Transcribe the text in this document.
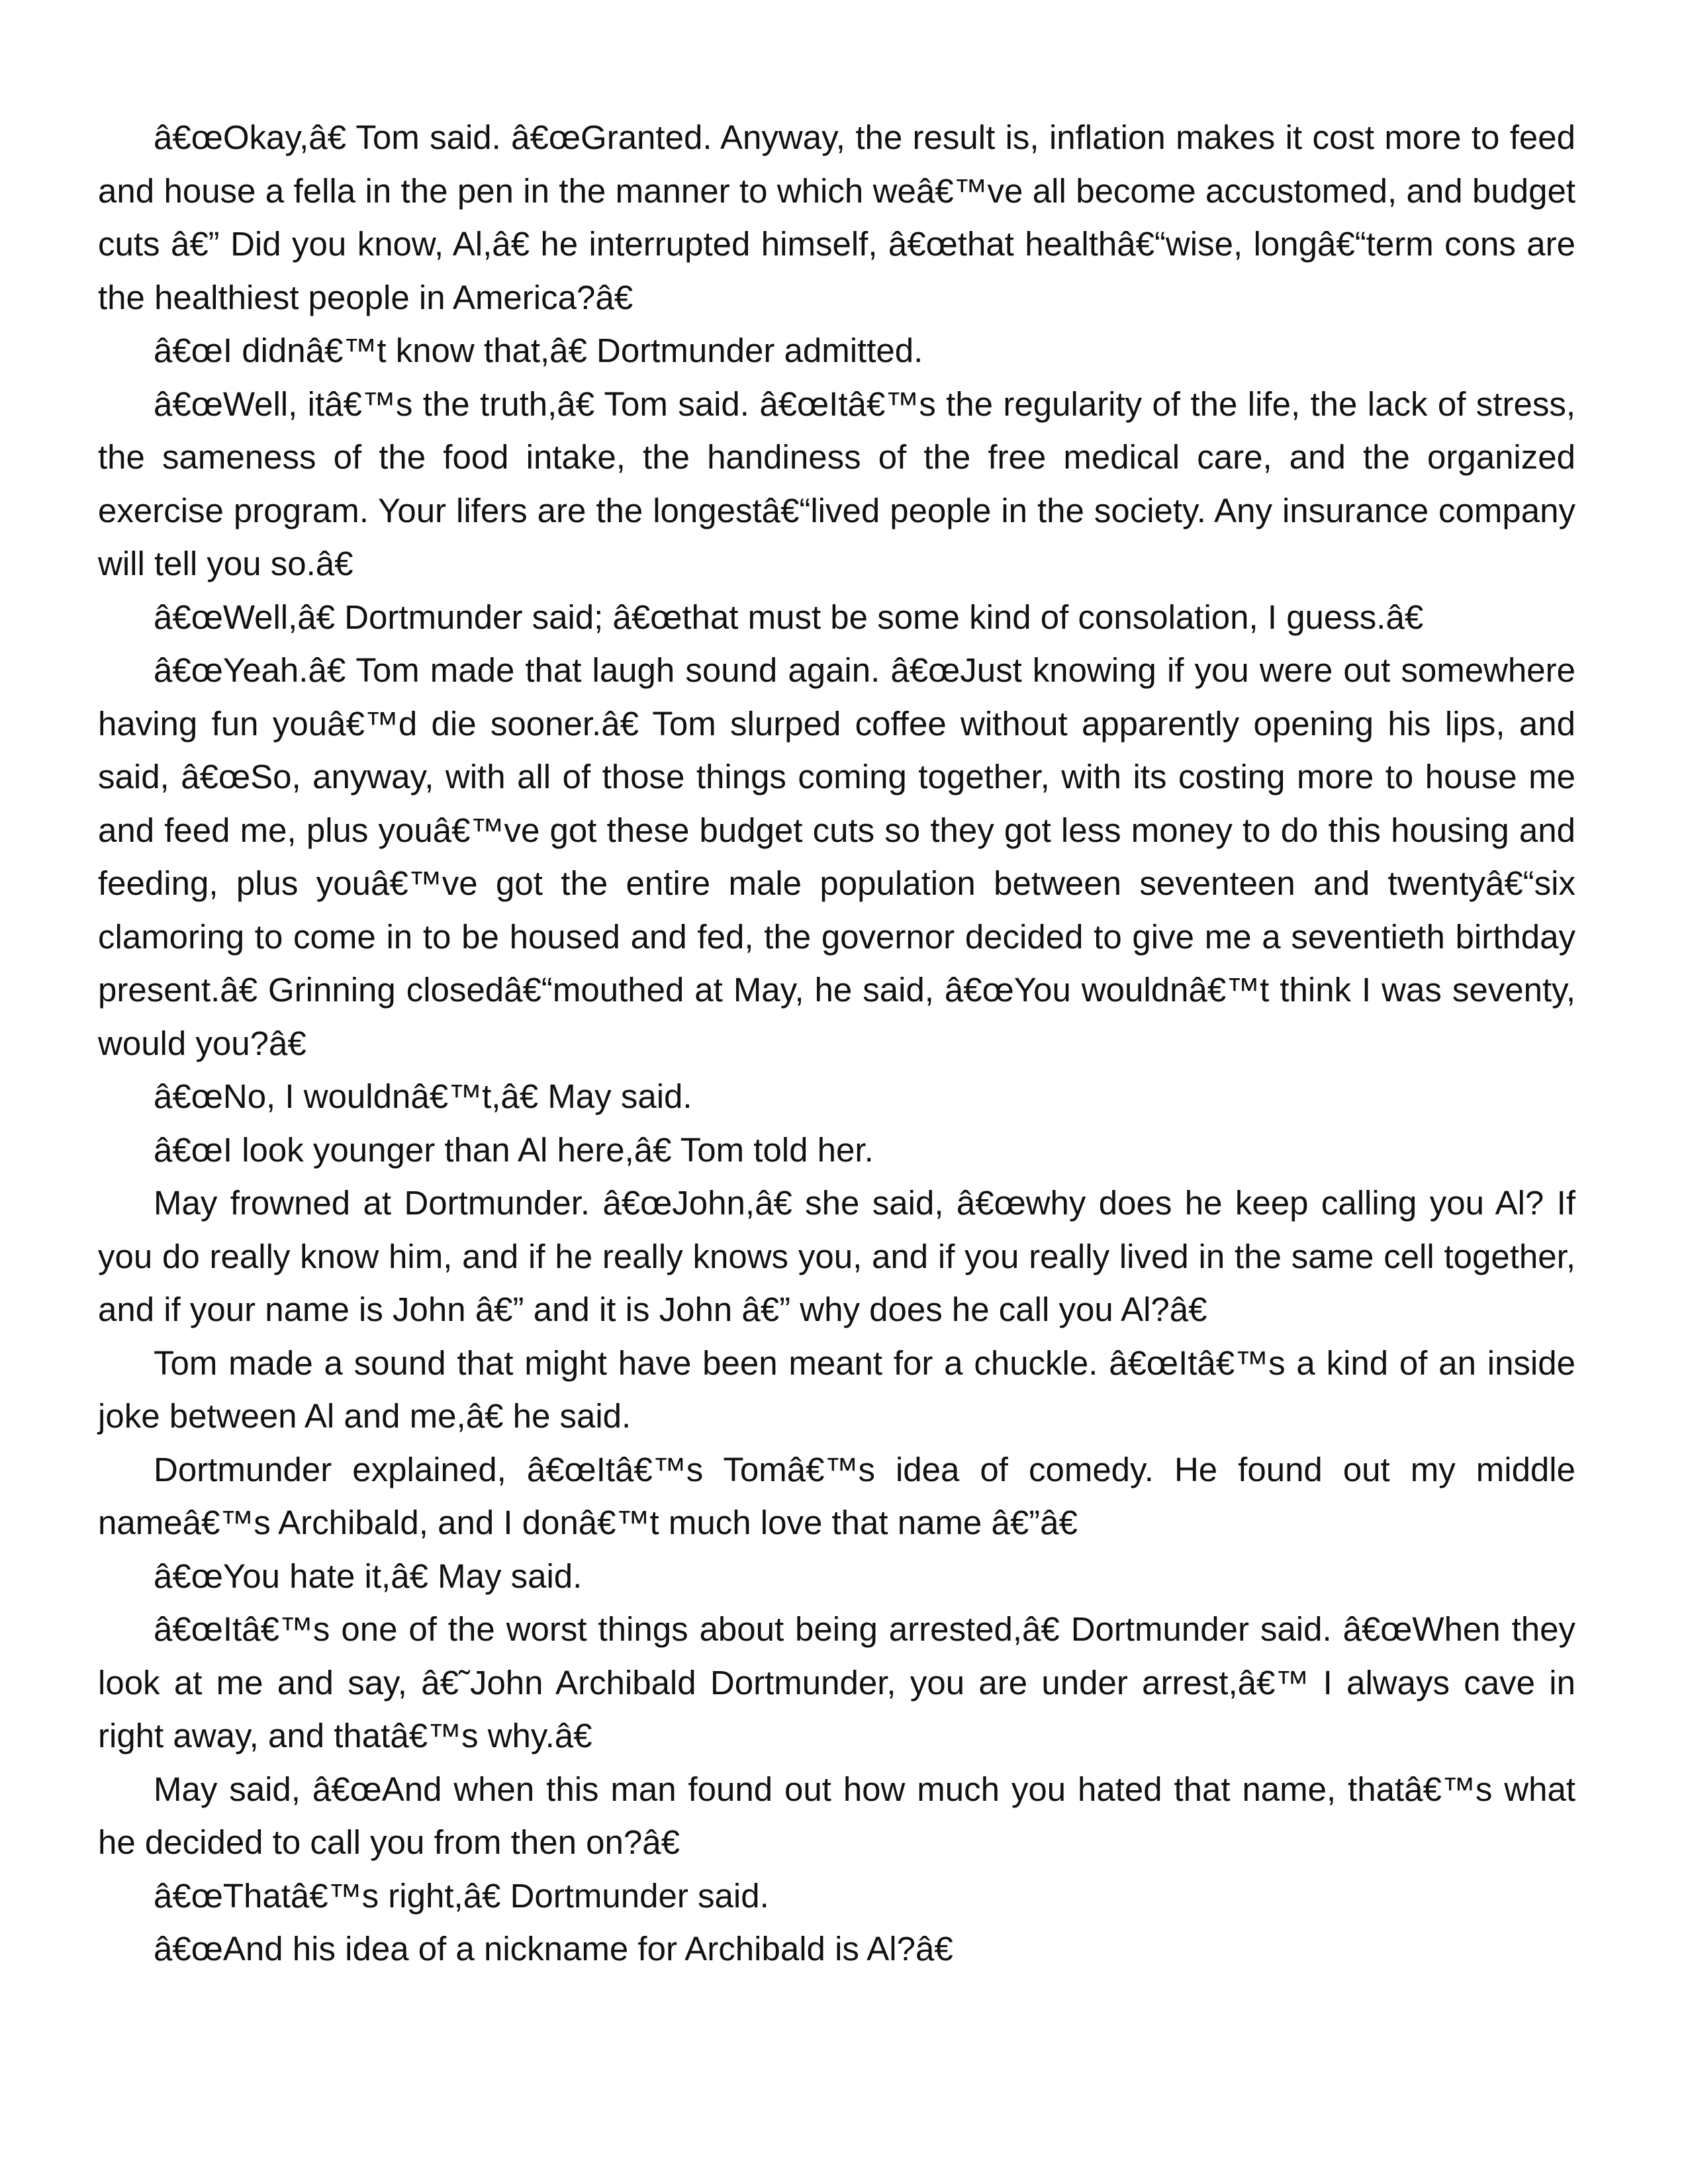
â€œOkay,â€ Tom said. â€œGranted. Anyway, the result is, inflation makes it cost more to feed and house a fella in the pen in the manner to which weâ€™ve all become accustomed, and budget cuts â€” Did you know, Al,â€ he interrupted himself, â€œthat healthâ€“wise, longâ€“term cons are the healthiest people in America?â€

â€œI didnâ€™t know that,â€ Dortmunder admitted.

â€œWell, itâ€™s the truth,â€ Tom said. â€œItâ€™s the regularity of the life, the lack of stress, the sameness of the food intake, the handiness of the free medical care, and the organized exercise program. Your lifers are the longestâ€“lived people in the society. Any insurance company will tell you so.â€

â€œWell,â€ Dortmunder said; â€œthat must be some kind of consolation, I guess.â€

â€œYeah.â€ Tom made that laugh sound again. â€œJust knowing if you were out somewhere having fun youâ€™d die sooner.â€ Tom slurped coffee without apparently opening his lips, and said, â€œSo, anyway, with all of those things coming together, with its costing more to house me and feed me, plus youâ€™ve got these budget cuts so they got less money to do this housing and feeding, plus youâ€™ve got the entire male population between seventeen and twentyâ€“six clamoring to come in to be housed and fed, the governor decided to give me a seventieth birthday present.â€ Grinning closedâ€“mouthed at May, he said, â€œYou wouldnâ€™t think I was seventy, would you?â€

â€œNo, I wouldnâ€™t,â€ May said.

â€œI look younger than Al here,â€ Tom told her.

May frowned at Dortmunder. â€œJohn,â€ she said, â€œwhy does he keep calling you Al? If you do really know him, and if he really knows you, and if you really lived in the same cell together, and if your name is John â€” and it is John â€” why does he call you Al?â€

Tom made a sound that might have been meant for a chuckle. â€œItâ€™s a kind of an inside joke between Al and me,â€ he said.

Dortmunder explained, â€œItâ€™s Tomâ€™s idea of comedy. He found out my middle nameâ€™s Archibald, and I donâ€™t much love that name â€”â€

â€œYou hate it,â€ May said.

â€œItâ€™s one of the worst things about being arrested,â€ Dortmunder said. â€œWhen they look at me and say, â€˜John Archibald Dortmunder, you are under arrest,â€™ I always cave in right away, and thatâ€™s why.â€

May said, â€œAnd when this man found out how much you hated that name, thatâ€™s what he decided to call you from then on?â€

â€œThatâ€™s right,â€ Dortmunder said.

â€œAnd his idea of a nickname for Archibald is Al?â€
